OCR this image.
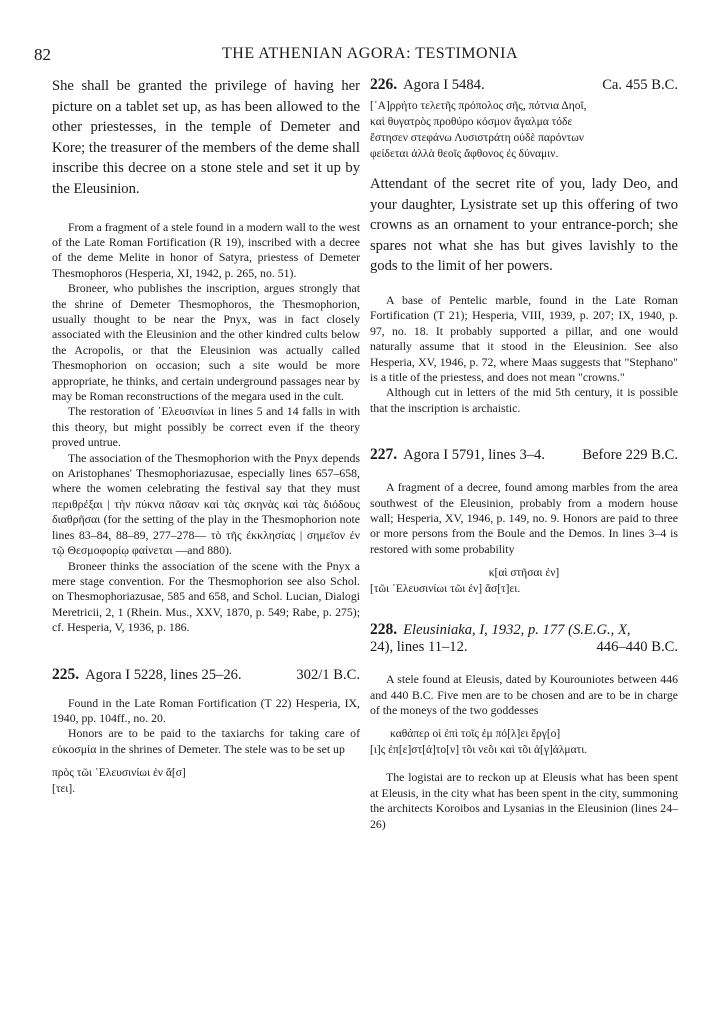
82	THE ATHENIAN AGORA: TESTIMONIA

She shall be granted the privilege of having her picture on a tablet set up, as has been allowed to the other priestesses, in the temple of Demeter and Kore; the treasurer of the members of the deme shall inscribe this decree on a stone stele and set it up by the Eleusinion.

From a fragment of a stele found in a modern wall to the west of the Late Roman Fortification (R 19), inscribed with a decree of the deme Melite in honor of Satyra, priestess of Demeter Thesmophoros (Hesperia, XI, 1942, p. 265, no. 51).

Broneer, who publishes the inscription, argues strongly that the shrine of Demeter Thesmophoros, the Thesmophorion, usually thought to be near the Pnyx, was in fact closely associated with the Eleusinion and the other kindred cults below the Acropolis, or that the Eleusinion was actually called Thesmophorion on occasion; such a site would be more appropriate, he thinks, and certain underground passages near by may be Roman reconstructions of the megara used in the cult.

The restoration of ᾿Ελευσινίωι in lines 5 and 14 falls in with this theory, but might possibly be correct even if the theory proved untrue.

The association of the Thesmophorion with the Pnyx depends on Aristophanes' Thesmophoriazusae, especially lines 657–658, where the women celebrating the festival say that they must περιθρέξαι | τὴν πύκνα πᾶσαν καὶ τὰς σκηνὰς καὶ τὰς διόδους διαθρῆσαι (for the setting of the play in the Thesmophorion note lines 83–84, 88–89, 277–278— τὸ τῆς ἐκκλησίας | σημεῖον ἐν τῷ Θεσμοφορίῳ φαίνεται —and 880).

Broneer thinks the association of the scene with the Pnyx a mere stage convention. For the Thesmophorion see also Schol. on Thesmophoriazusae, 585 and 658, and Schol. Lucian, Dialogi Meretricii, 2, 1 (Rhein. Mus., XXV, 1870, p. 549; Rabe, p. 275); cf. Hesperia, V, 1936, p. 186.

225. Agora I 5228, lines 25–26.	302/1 B.C.

Found in the Late Roman Fortification (T 22) Hesperia, IX, 1940, pp. 104ff., no. 20.

Honors are to be paid to the taxiarchs for taking care of εὐκοσμία in the shrines of Demeter. The stele was to be set up

πρὸς τῶι ᾿Ελευσινίωι ἐν ἄ[σ]

[τει].

226. Agora I 5484.	Ca. 455 B.C.

[᾿Α]ρρήτο τελετῆς πρόπολος σῆς, πότνια Δηοῖ,

καὶ θυγατρὸς προθύρο κόσμον ἄγαλμα τόδε

ἔστησεν στεφάνω Λυσιστράτη οὐδὲ παρόντων

φείδεται ἀλλὰ θεοῖς ἄφθονος ἐς δύναμιν.

Attendant of the secret rite of you, lady Deo, and your daughter, Lysistrate set up this offering of two crowns as an ornament to your entrance-porch; she spares not what she has but gives lavishly to the gods to the limit of her powers.

A base of Pentelic marble, found in the Late Roman Fortification (T 21); Hesperia, VIII, 1939, p. 207; IX, 1940, p. 97, no. 18. It probably supported a pillar, and one would naturally assume that it stood in the Eleusinion. See also Hesperia, XV, 1946, p. 72, where Maas suggests that "Stephano" is a title of the priestess, and does not mean "crowns."

Although cut in letters of the mid 5th century, it is possible that the inscription is archaistic.

227. Agora I 5791, lines 3–4.	Before 229 B.C.

A fragment of a decree, found among marbles from the area southwest of the Eleusinion, probably from a modern house wall; Hesperia, XV, 1946, p. 149, no. 9. Honors are paid to three or more persons from the Boule and the Demos. In lines 3–4 is restored with some probability

κ[αὶ στῆσαι ἐν]

[τῶι ᾿Ελευσινίωι τῶι ἐν] ἄσ[τ]ει.

228. Eleusiniaka, I, 1932, p. 177 (S.E.G., X,
24), lines 11–12.	446–440 B.C.

A stele found at Eleusis, dated by Kourouniotes between 446 and 440 B.C. Five men are to be chosen and are to be in charge of the moneys of the two goddesses

καθάπερ οἱ ἐπὶ τοῖς ἐμ πό[λ]ει ἔργ[ο]

[ι]ς ἐπ[ε]στ[ά]το[ν] τõι νεõι καὶ τõι ἀ[γ]άλματι.

The logistai are to reckon up at Eleusis what has been spent at Eleusis, in the city what has been spent in the city, summoning the architects Koroibos and Lysanias in the Eleusinion (lines 24–26)
